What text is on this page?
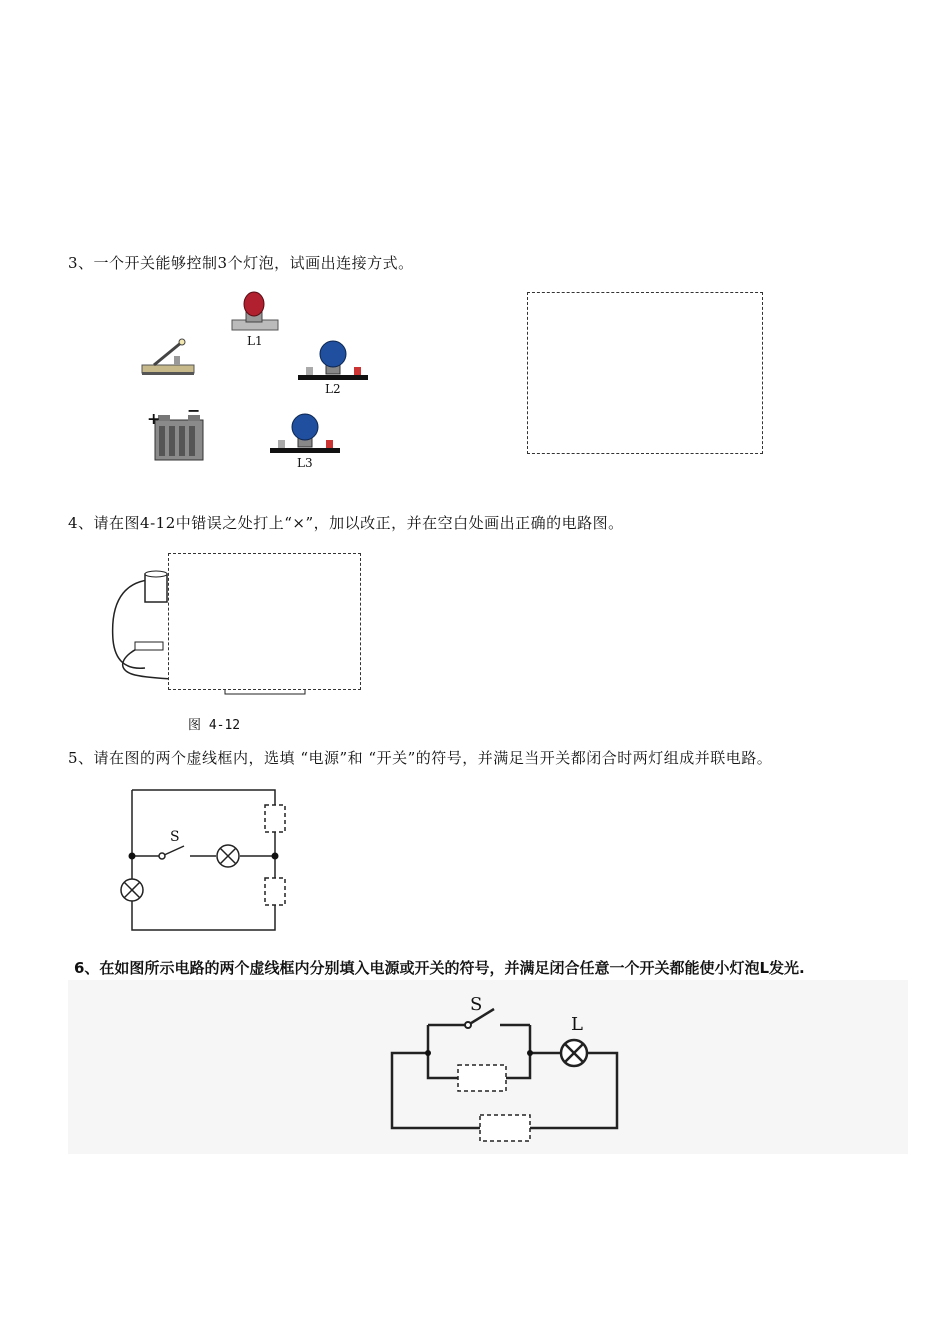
3、一个开关能够控制3个灯泡，试画出连接方式。
4、请在图4-12中错误之处打上“×”，加以改正，并在空白处画出正确的电路图。
5、请在图的两个虚线框内，选填 “电源”和 “开关”的符号，并满足当开关都闭合时两灯组成并联电路。
6、在如图所示电路的两个虚线框内分别填入电源或开关的符号，并满足闭合任意一个开关都能使小灯泡L发光.
L1
L2
L3
+ −
图 4-12
S
S
L
